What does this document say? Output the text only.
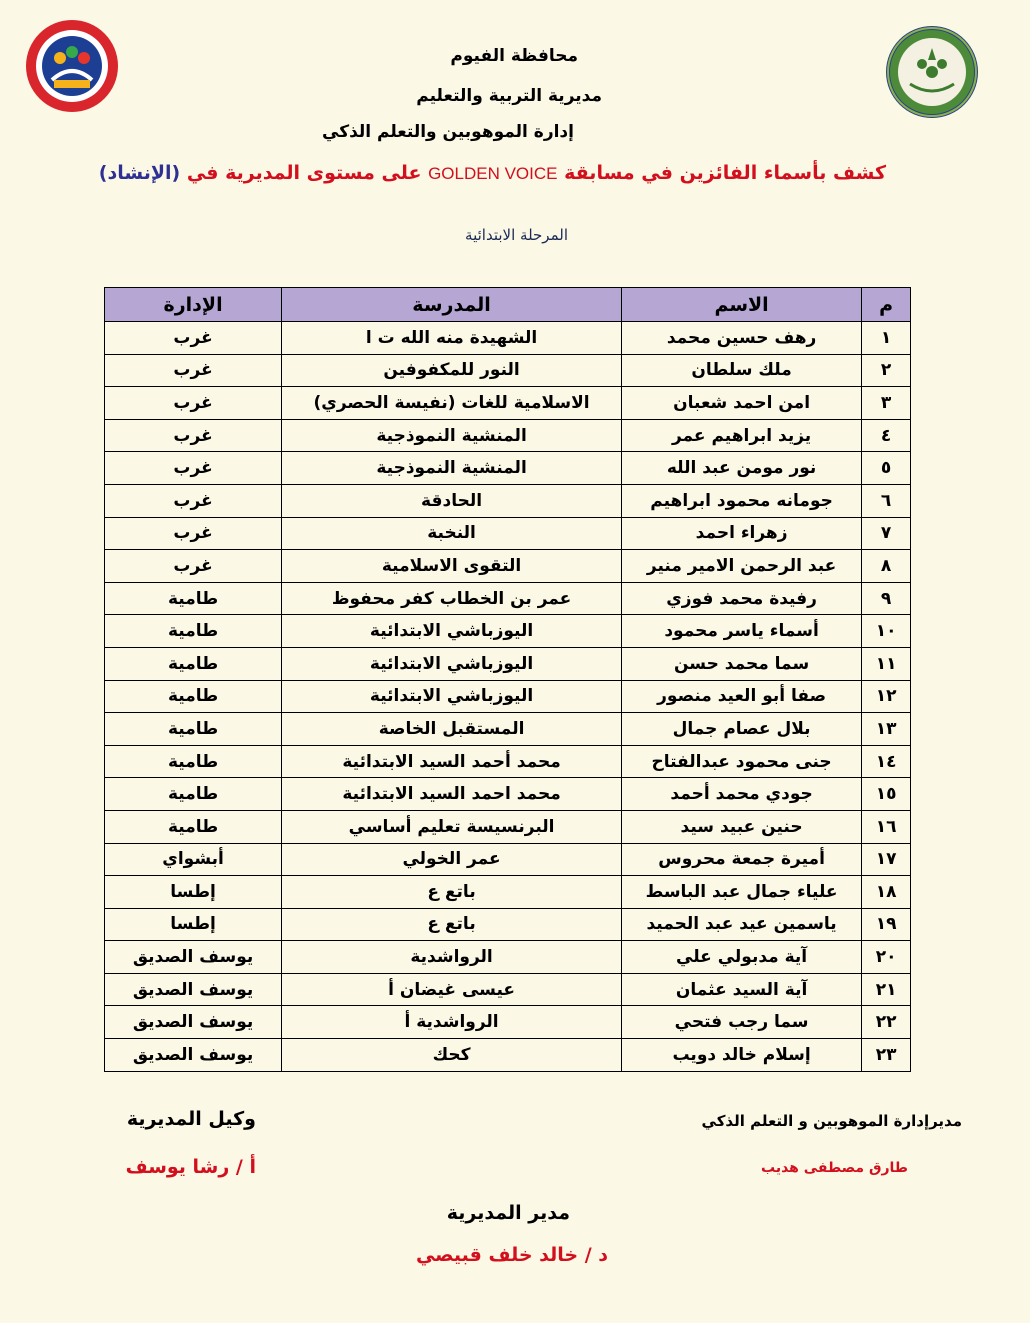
محافظة الفيوم
مديرية التربية والتعليم
إدارة الموهوبين والتعلم الذكي
كشف بأسماء الفائزين في مسابقة GOLDEN VOICE على مستوى المديرية في (الإنشاد)
المرحلة الابتدائية
م	الاسم	المدرسة	الإدارة
١	رهف حسين محمد	الشهيدة منه الله ت ا	غرب
٢	ملك سلطان	النور للمكفوفين	غرب
٣	امن احمد شعبان	الاسلامية للغات (نفيسة الحصري)	غرب
٤	يزيد ابراهيم عمر	المنشية النموذجية	غرب
٥	نور مومن عبد الله	المنشية النموذجية	غرب
٦	جومانه محمود ابراهيم	الحادقة	غرب
٧	زهراء احمد	النخبة	غرب
٨	عبد الرحمن الامير منير	التقوى الاسلامية	غرب
٩	رفيدة محمد فوزي	عمر بن الخطاب كفر محفوظ	طامية
١٠	أسماء ياسر محمود	اليوزباشي الابتدائية	طامية
١١	سما محمد حسن	اليوزباشي الابتدائية	طامية
١٢	صفا أبو العيد منصور	اليوزباشي الابتدائية	طامية
١٣	بلال عصام جمال	المستقبل الخاصة	طامية
١٤	جنى محمود عبدالفتاح	محمد أحمد السيد الابتدائية	طامية
١٥	جودي محمد أحمد	محمد احمد السيد الابتدائية	طامية
١٦	حنين عبيد سيد	البرنسيسة تعليم أساسي	طامية
١٧	أميرة جمعة محروس	عمر الخولي	أبشواي
١٨	علياء جمال عبد الباسط	باتع ع	إطسا
١٩	ياسمين عيد عبد الحميد	باتع ع	إطسا
٢٠	آية مدبولي علي	الرواشدية	يوسف الصديق
٢١	آية السيد عثمان	عيسى غيضان أ	يوسف الصديق
٢٢	سما رجب فتحي	الرواشدية أ	يوسف الصديق
٢٣	إسلام خالد دويب	كحك	يوسف الصديق
مديرإدارة الموهوبين و التعلم الذكي
طارق مصطفى هديب
وكيل المديرية
أ / رشا يوسف
مدير المديرية
د / خالد خلف قبيصي
